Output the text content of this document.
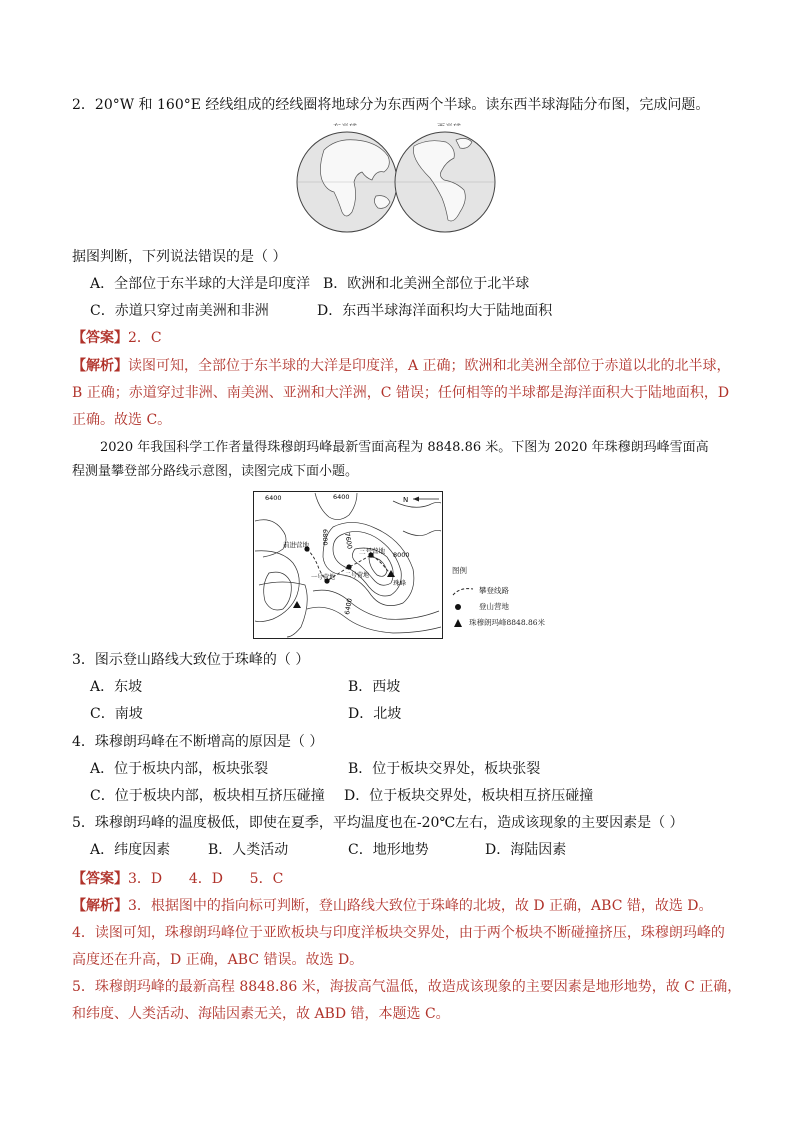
2．20°W 和 160°E 经线组成的经线圈将地球分为东西两个半球。读东西半球海陆分布图，完成问题。
据图判断，下列说法错误的是（ ）
A．全部位于东半球的大洋是印度洋 B．欧洲和北美洲全部位于北半球
C．赤道只穿过南美洲和非洲	D．东西半球海洋面积均大于陆地面积
【答案】2．C
【解析】读图可知，全部位于东半球的大洋是印度洋，A 正确；欧洲和北美洲全部位于赤道以北的北半球，
B 正确；赤道穿过非洲、南美洲、亚洲和大洋洲，C 错误；任何相等的半球都是海洋面积大于陆地面积，D
正确。故选 C。
2020 年我国科学工作者量得珠穆朗玛峰最新雪面高程为 8848.86 米。下图为 2020 年珠穆朗玛峰雪面高
程测量攀登部分路线示意图，读图完成下面小题。
N
6400	6400
6800 7600
8000
6400
前进营地
三号营地
二号营地
一号营地
珠峰
图例
攀登线路
登山营地
珠穆朗玛峰8848.86米
3．图示登山路线大致位于珠峰的（ ）
A．东坡	B．西坡
C．南坡	D．北坡
4．珠穆朗玛峰在不断增高的原因是（ ）
A．位于板块内部，板块张裂	B．位于板块交界处，板块张裂
C．位于板块内部，板块相互挤压碰撞 D．位于板块交界处，板块相互挤压碰撞
5．珠穆朗玛峰的温度极低，即使在夏季，平均温度也在-20℃左右，造成该现象的主要因素是（ ）
A．纬度因素	B．人类活动	C．地形地势	D．海陆因素
【答案】3．D      4．D      5．C
【解析】3．根据图中的指向标可判断，登山路线大致位于珠峰的北坡，故 D 正确，ABC 错，故选 D。
4．读图可知，珠穆朗玛峰位于亚欧板块与印度洋板块交界处，由于两个板块不断碰撞挤压，珠穆朗玛峰的
高度还在升高，D 正确，ABC 错误。故选 D。
5．珠穆朗玛峰的最新高程 8848.86 米，海拔高气温低，故造成该现象的主要因素是地形地势，故 C 正确，
和纬度、人类活动、海陆因素无关，故 ABD 错，本题选 C。
